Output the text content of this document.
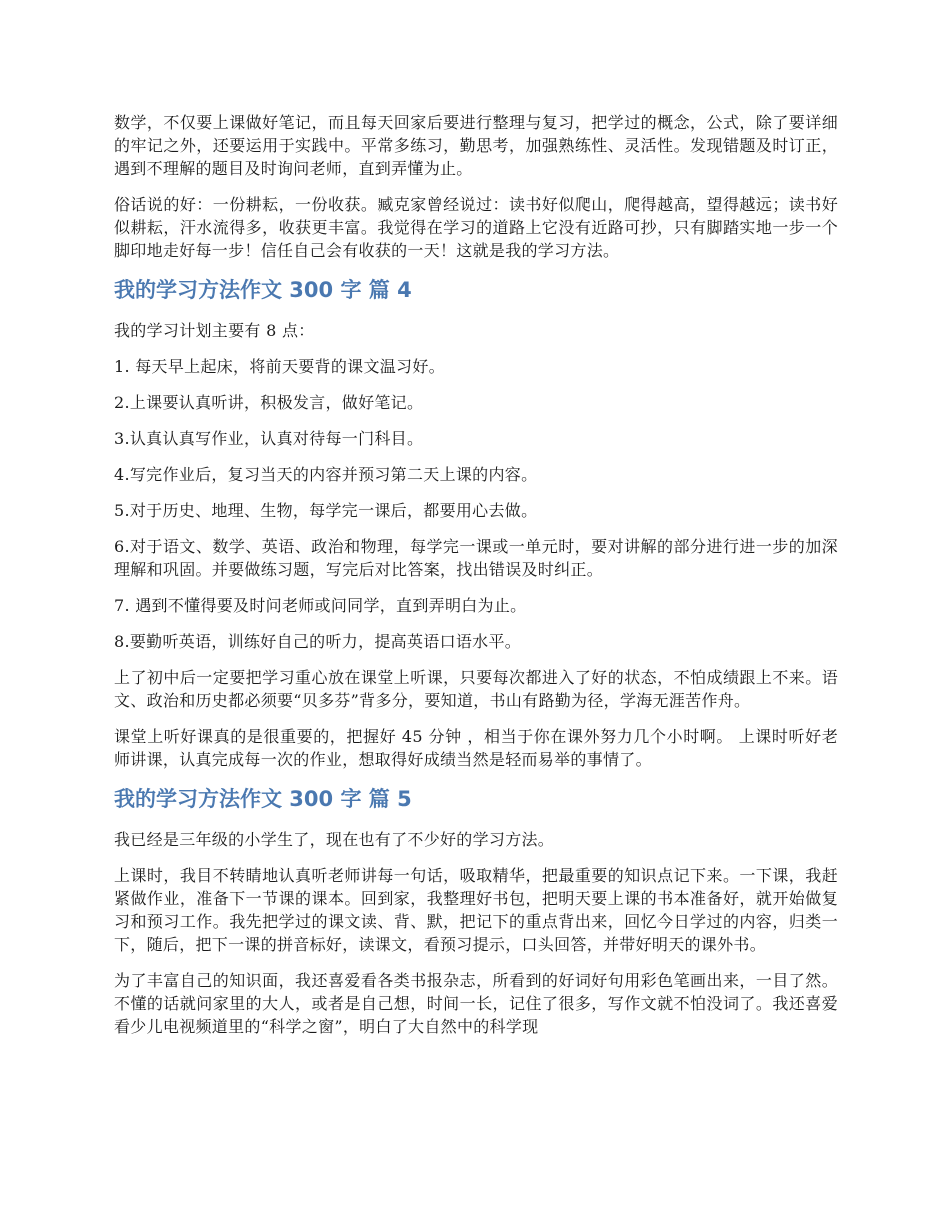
数学，不仅要上课做好笔记，而且每天回家后要进行整理与复习，把学过的概念，公式，除了要详细的牢记之外，还要运用于实践中。平常多练习，勤思考，加强熟练性、灵活性。发现错题及时订正，遇到不理解的题目及时询问老师，直到弄懂为止。

俗话说的好：一份耕耘，一份收获。臧克家曾经说过：读书好似爬山，爬得越高，望得越远；读书好似耕耘，汗水流得多，收获更丰富。我觉得在学习的道路上它没有近路可抄，只有脚踏实地一步一个脚印地走好每一步！信任自己会有收获的一天！这就是我的学习方法。

我的学习方法作文 300 字 篇 4

我的学习计划主要有 8 点：

1. 每天早上起床，将前天要背的课文温习好。

2.上课要认真听讲，积极发言，做好笔记。

3.认真认真写作业，认真对待每一门科目。

4.写完作业后，复习当天的内容并预习第二天上课的内容。

5.对于历史、地理、生物，每学完一课后，都要用心去做。

6.对于语文、数学、英语、政治和物理，每学完一课或一单元时，要对讲解的部分进行进一步的加深理解和巩固。并要做练习题，写完后对比答案，找出错误及时纠正。

7. 遇到不懂得要及时问老师或问同学，直到弄明白为止。

8.要勤听英语，训练好自己的听力，提高英语口语水平。

上了初中后一定要把学习重心放在课堂上听课，只要每次都进入了好的状态，不怕成绩跟上不来。语文、政治和历史都必须要“贝多芬”背多分，要知道，书山有路勤为径，学海无涯苦作舟。

课堂上听好课真的是很重要的，把握好 45 分钟 ，相当于你在课外努力几个小时啊。 上课时听好老师讲课，认真完成每一次的作业，想取得好成绩当然是轻而易举的事情了。

我的学习方法作文 300 字 篇 5

我已经是三年级的小学生了，现在也有了不少好的学习方法。

上课时，我目不转睛地认真听老师讲每一句话，吸取精华，把最重要的知识点记下来。一下课，我赶紧做作业，准备下一节课的课本。回到家，我整理好书包，把明天要上课的书本准备好，就开始做复习和预习工作。我先把学过的课文读、背、默，把记下的重点背出来，回忆今日学过的内容，归类一下，随后，把下一课的拼音标好，读课文，看预习提示，口头回答，并带好明天的课外书。

为了丰富自己的知识面，我还喜爱看各类书报杂志，所看到的好词好句用彩色笔画出来，一目了然。不懂的话就问家里的大人，或者是自己想，时间一长，记住了很多，写作文就不怕没词了。我还喜爱看少儿电视频道里的“科学之窗”，明白了大自然中的科学现
